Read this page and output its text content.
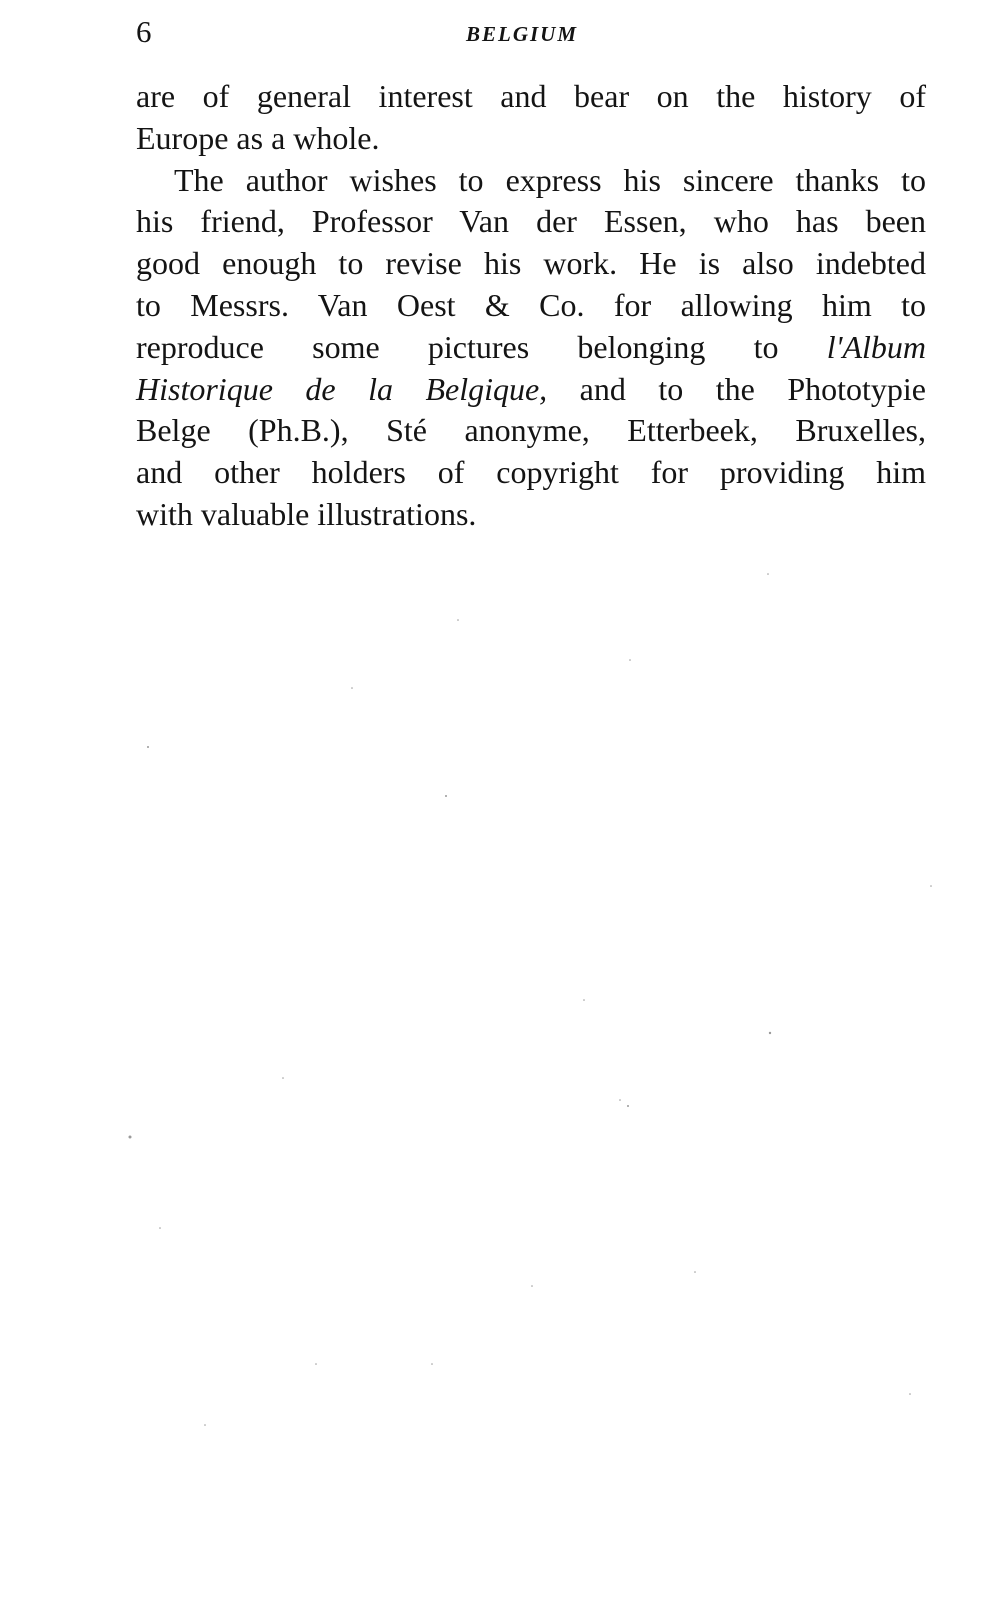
6	BELGIUM

are of general interest and bear on the history of
Europe as a whole.

The author wishes to express his sincere thanks to
his friend, Professor Van der Essen, who has been
good enough to revise his work. He is also indebted
to Messrs. Van Oest & Co. for allowing him to
reproduce some pictures belonging to l'Album
Historique de la Belgique, and to the Phototypie
Belge (Ph.B.), Sté anonyme, Etterbeek, Bruxelles,
and other holders of copyright for providing him
with valuable illustrations.
